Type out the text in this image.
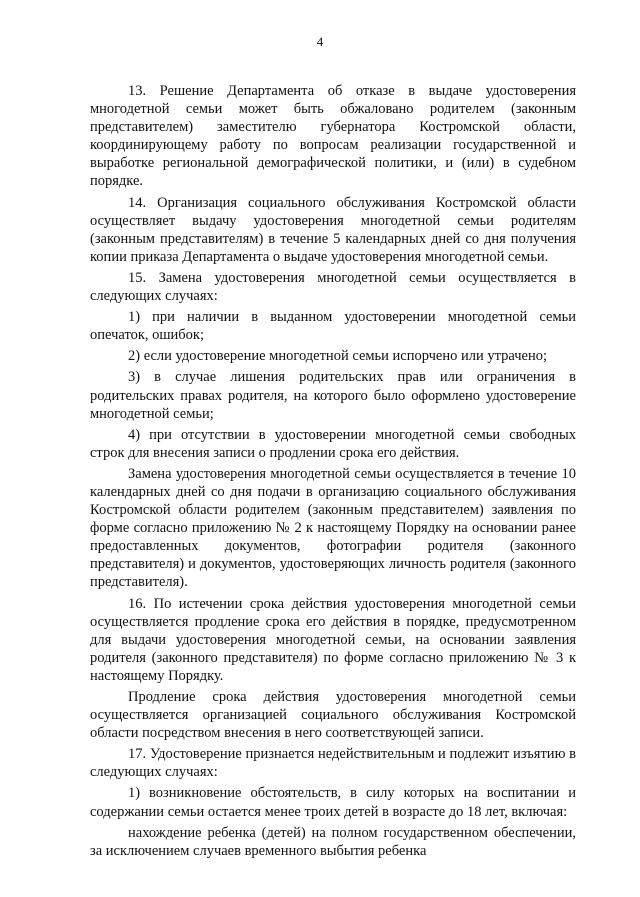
4

13. Решение Департамента об отказе в выдаче удостоверения многодетной семьи может быть обжаловано родителем (законным представителем) заместителю губернатора Костромской области, координирующему работу по вопросам реализации государственной и выработке региональной демографической политики, и (или) в судебном порядке.

14. Организация социального обслуживания Костромской области осуществляет выдачу удостоверения многодетной семьи родителям (законным представителям) в течение 5 календарных дней со дня получения копии приказа Департамента о выдаче удостоверения многодетной семьи.

15. Замена удостоверения многодетной семьи осуществляется в следующих случаях:

1) при наличии в выданном удостоверении многодетной семьи опечаток, ошибок;

2) если удостоверение многодетной семьи испорчено или утрачено;

3) в случае лишения родительских прав или ограничения в родительских правах родителя, на которого было оформлено удостоверение многодетной семьи;

4) при отсутствии в удостоверении многодетной семьи свободных строк для внесения записи о продлении срока его действия.

Замена удостоверения многодетной семьи осуществляется в течение 10 календарных дней со дня подачи в организацию социального обслуживания Костромской области родителем (законным представителем) заявления по форме согласно приложению № 2 к настоящему Порядку на основании ранее предоставленных документов, фотографии родителя (законного представителя) и документов, удостоверяющих личность родителя (законного представителя).

16. По истечении срока действия удостоверения многодетной семьи осуществляется продление срока его действия в порядке, предусмотренном для выдачи удостоверения многодетной семьи, на основании заявления родителя (законного представителя) по форме согласно приложению № 3 к настоящему Порядку.

Продление срока действия удостоверения многодетной семьи осуществляется организацией социального обслуживания Костромской области посредством внесения в него соответствующей записи.

17. Удостоверение признается недействительным и подлежит изъятию в следующих случаях:

1) возникновение обстоятельств, в силу которых на воспитании и содержании семьи остается менее троих детей в возрасте до 18 лет, включая:

нахождение ребенка (детей) на полном государственном обеспечении, за исключением случаев временного выбытия ребенка
